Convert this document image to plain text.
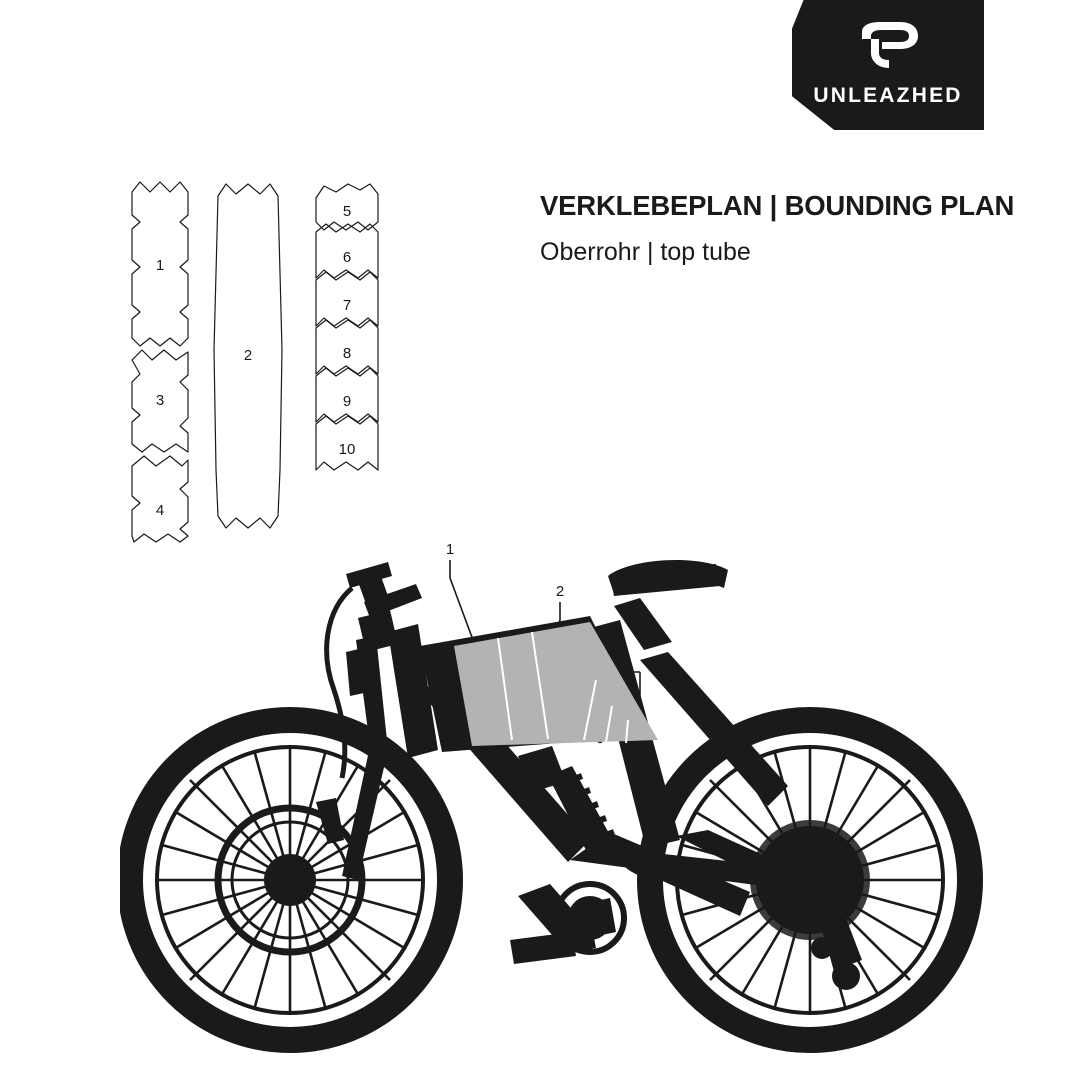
UNLEAZHED
VERKLEBEPLAN | BOUNDING PLAN
Oberrohr | top tube
1
3
4
2
5
6
7
8
9
10
1
2
